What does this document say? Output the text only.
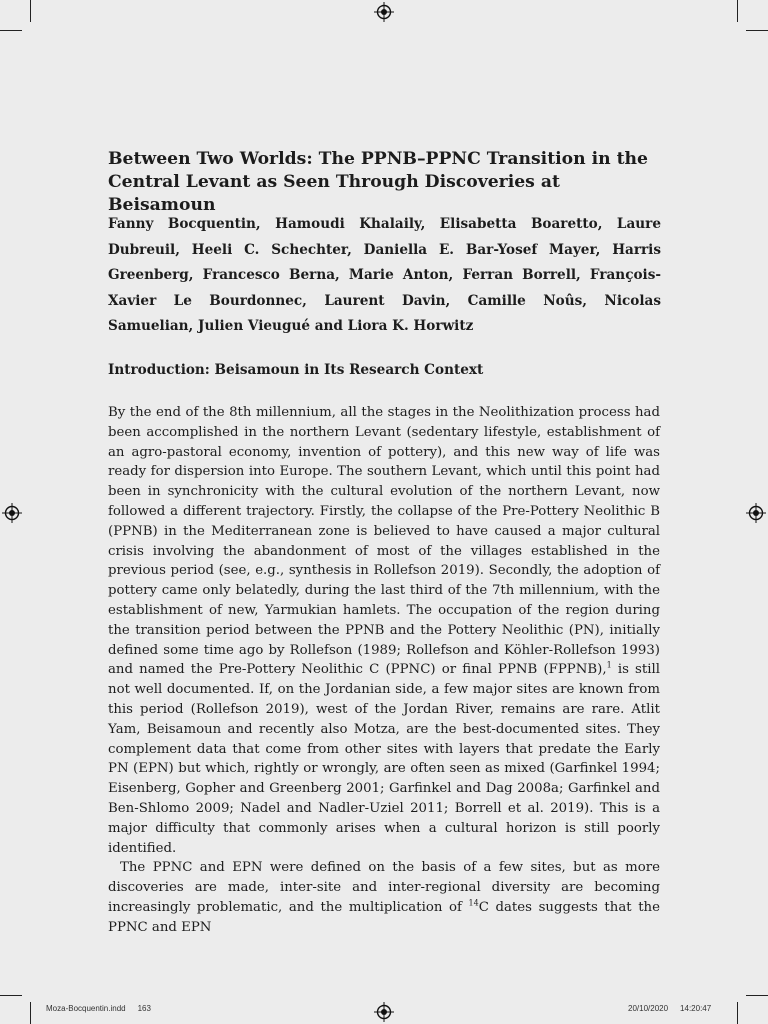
Between Two Worlds: The PPNB–PPNC Transition in the Central Levant as Seen Through Discoveries at Beisamoun

Fanny Bocquentin, Hamoudi Khalaily, Elisabetta Boaretto, Laure Dubreuil, Heeli C. Schechter, Daniella E. Bar-Yosef Mayer, Harris Greenberg, Francesco Berna, Marie Anton, Ferran Borrell, François-Xavier Le Bourdonnec, Laurent Davin, Camille Noûs, Nicolas Samuelian, Julien Vieugué and Liora K. Horwitz

Introduction: Beisamoun in Its Research Context

By the end of the 8th millennium, all the stages in the Neolithization process had been accomplished in the northern Levant (sedentary lifestyle, establishment of an agro-pastoral economy, invention of pottery), and this new way of life was ready for dispersion into Europe. The southern Levant, which until this point had been in synchronicity with the cultural evolution of the northern Levant, now followed a different trajectory. Firstly, the collapse of the Pre-Pottery Neolithic B (PPNB) in the Mediterranean zone is believed to have caused a major cultural crisis involving the abandonment of most of the villages established in the previous period (see, e.g., synthesis in Rollefson 2019). Secondly, the adoption of pottery came only belatedly, during the last third of the 7th millennium, with the establishment of new, Yarmukian hamlets. The occupation of the region during the transition period between the PPNB and the Pottery Neolithic (PN), initially defined some time ago by Rollefson (1989; Rollefson and Köhler-Rollefson 1993) and named the Pre-Pottery Neolithic C (PPNC) or final PPNB (FPPNB),$^1$ is still not well documented. If, on the Jordanian side, a few major sites are known from this period (Rollefson 2019), west of the Jordan River, remains are rare. Atlit Yam, Beisamoun and recently also Motza, are the best-documented sites. They complement data that come from other sites with layers that predate the Early PN (EPN) but which, rightly or wrongly, are often seen as mixed (Garfinkel 1994; Eisenberg, Gopher and Greenberg 2001; Garfinkel and Dag 2008a; Garfinkel and Ben-Shlomo 2009; Nadel and Nadler-Uziel 2011; Borrell et al. 2019). This is a major difficulty that commonly arises when a cultural horizon is still poorly identified.

The PPNC and EPN were defined on the basis of a few sites, but as more discoveries are made, inter-site and inter-regional diversity are becoming increasingly problematic, and the multiplication of $^{14}$C dates suggests that the PPNC and EPN

Moza-Bocquentin.indd 163	20/10/2020 14:20:47
